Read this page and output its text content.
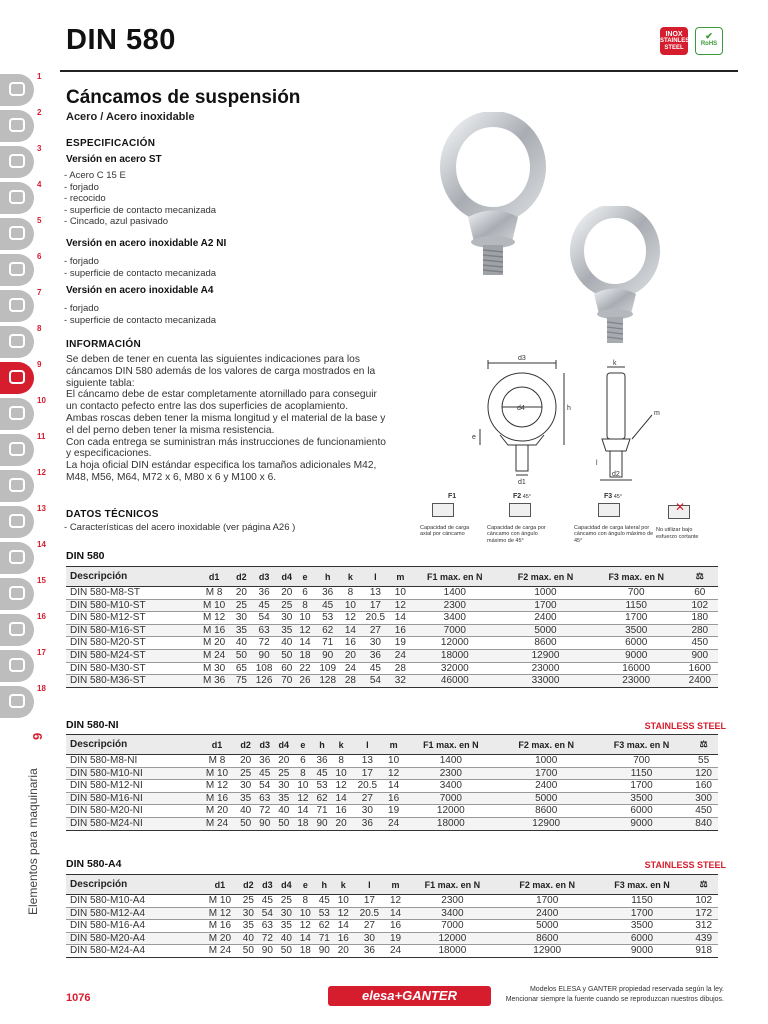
DIN 580	INOX
STAINLESS
STEEL
✔
RoHS
1
2
3
4
5
6
7
8
9
10
11
12
13
14
15
16
17
18
9
Elementos para maquinaria
Cáncamos de suspensión
Acero / Acero inoxidable
ESPECIFICACIÓN
Versión en acero ST
- Acero C 15 E
- forjado
- recocido
- superficie de contacto mecanizada
- Cincado, azul pasivado
Versión en acero inoxidable A2 NI
- forjado
- superficie de contacto mecanizada
Versión en acero inoxidable A4
- forjado
- superficie de contacto mecanizada
INFORMACIÓN
Se deben de tener en cuenta las siguientes indicaciones para los cáncamos DIN 580 además de los valores de carga mostrados en la siguiente tabla:
El cáncamo debe de estar completamente atornillado para conseguir un contacto pefecto entre las dos superficies de acoplamiento.
Ambas roscas deben tener la misma longitud y el material de la base y el del perno deben tener la misma resistencia.
Con cada entrega se suministran más instrucciones de funcionamiento y especificaciones.
La hoja oficial DIN estándar especifica los tamaños adicionales M42, M48, M56, M64, M72 x 6, M80 x 6 y M100 x 6.
DATOS TÉCNICOS
- Características del acero inoxidable (ver página A26 )
d3
d4	h
e
d1
k
m
l
d2
F1
Capacidad de carga axial por cáncamo
F2 45°
Capacidad de carga por cáncamo con ángulo máximo de 45°
F3 45°
Capacidad de carga lateral por cáncamo con ángulo máximo de 45°
✕
No utilizar bajo esfuerzo cortante
DIN 580
Descripción	d1	d2	d3	d4	e	h	k	l	m	F1 max. en N	F2 max. en N	F3 max. en N	⚖
DIN 580-M8-ST	M 8	20	36	20	6	36	8	13	10	1400	1000	700	60
DIN 580-M10-ST	M 10	25	45	25	8	45	10	17	12	2300	1700	1150	102
DIN 580-M12-ST	M 12	30	54	30	10	53	12	20.5	14	3400	2400	1700	180
DIN 580-M16-ST	M 16	35	63	35	12	62	14	27	16	7000	5000	3500	280
DIN 580-M20-ST	M 20	40	72	40	14	71	16	30	19	12000	8600	6000	450
DIN 580-M24-ST	M 24	50	90	50	18	90	20	36	24	18000	12900	9000	900
DIN 580-M30-ST	M 30	65	108	60	22	109	24	45	28	32000	23000	16000	1600
DIN 580-M36-ST	M 36	75	126	70	26	128	28	54	32	46000	33000	23000	2400
DIN 580-NI	STAINLESS STEEL
Descripción	d1	d2	d3	d4	e	h	k	l	m	F1 max. en N	F2 max. en N	F3 max. en N	⚖
DIN 580-M8-NI	M 8	20	36	20	6	36	8	13	10	1400	1000	700	55
DIN 580-M10-NI	M 10	25	45	25	8	45	10	17	12	2300	1700	1150	120
DIN 580-M12-NI	M 12	30	54	30	10	53	12	20.5	14	3400	2400	1700	160
DIN 580-M16-NI	M 16	35	63	35	12	62	14	27	16	7000	5000	3500	300
DIN 580-M20-NI	M 20	40	72	40	14	71	16	30	19	12000	8600	6000	450
DIN 580-M24-NI	M 24	50	90	50	18	90	20	36	24	18000	12900	9000	840
DIN 580-A4	STAINLESS STEEL
Descripción	d1	d2	d3	d4	e	h	k	l	m	F1 max. en N	F2 max. en N	F3 max. en N	⚖
DIN 580-M10-A4	M 10	25	45	25	8	45	10	17	12	2300	1700	1150	102
DIN 580-M12-A4	M 12	30	54	30	10	53	12	20.5	14	3400	2400	1700	172
DIN 580-M16-A4	M 16	35	63	35	12	62	14	27	16	7000	5000	3500	312
DIN 580-M20-A4	M 20	40	72	40	14	71	16	30	19	12000	8600	6000	439
DIN 580-M24-A4	M 24	50	90	50	18	90	20	36	24	18000	12900	9000	918
1076	elesa+GANTER	Modelos ELESA y GANTER propiedad reservada según la ley.
Mencionar siempre la fuente cuando se reproduzcan nuestros dibujos.
